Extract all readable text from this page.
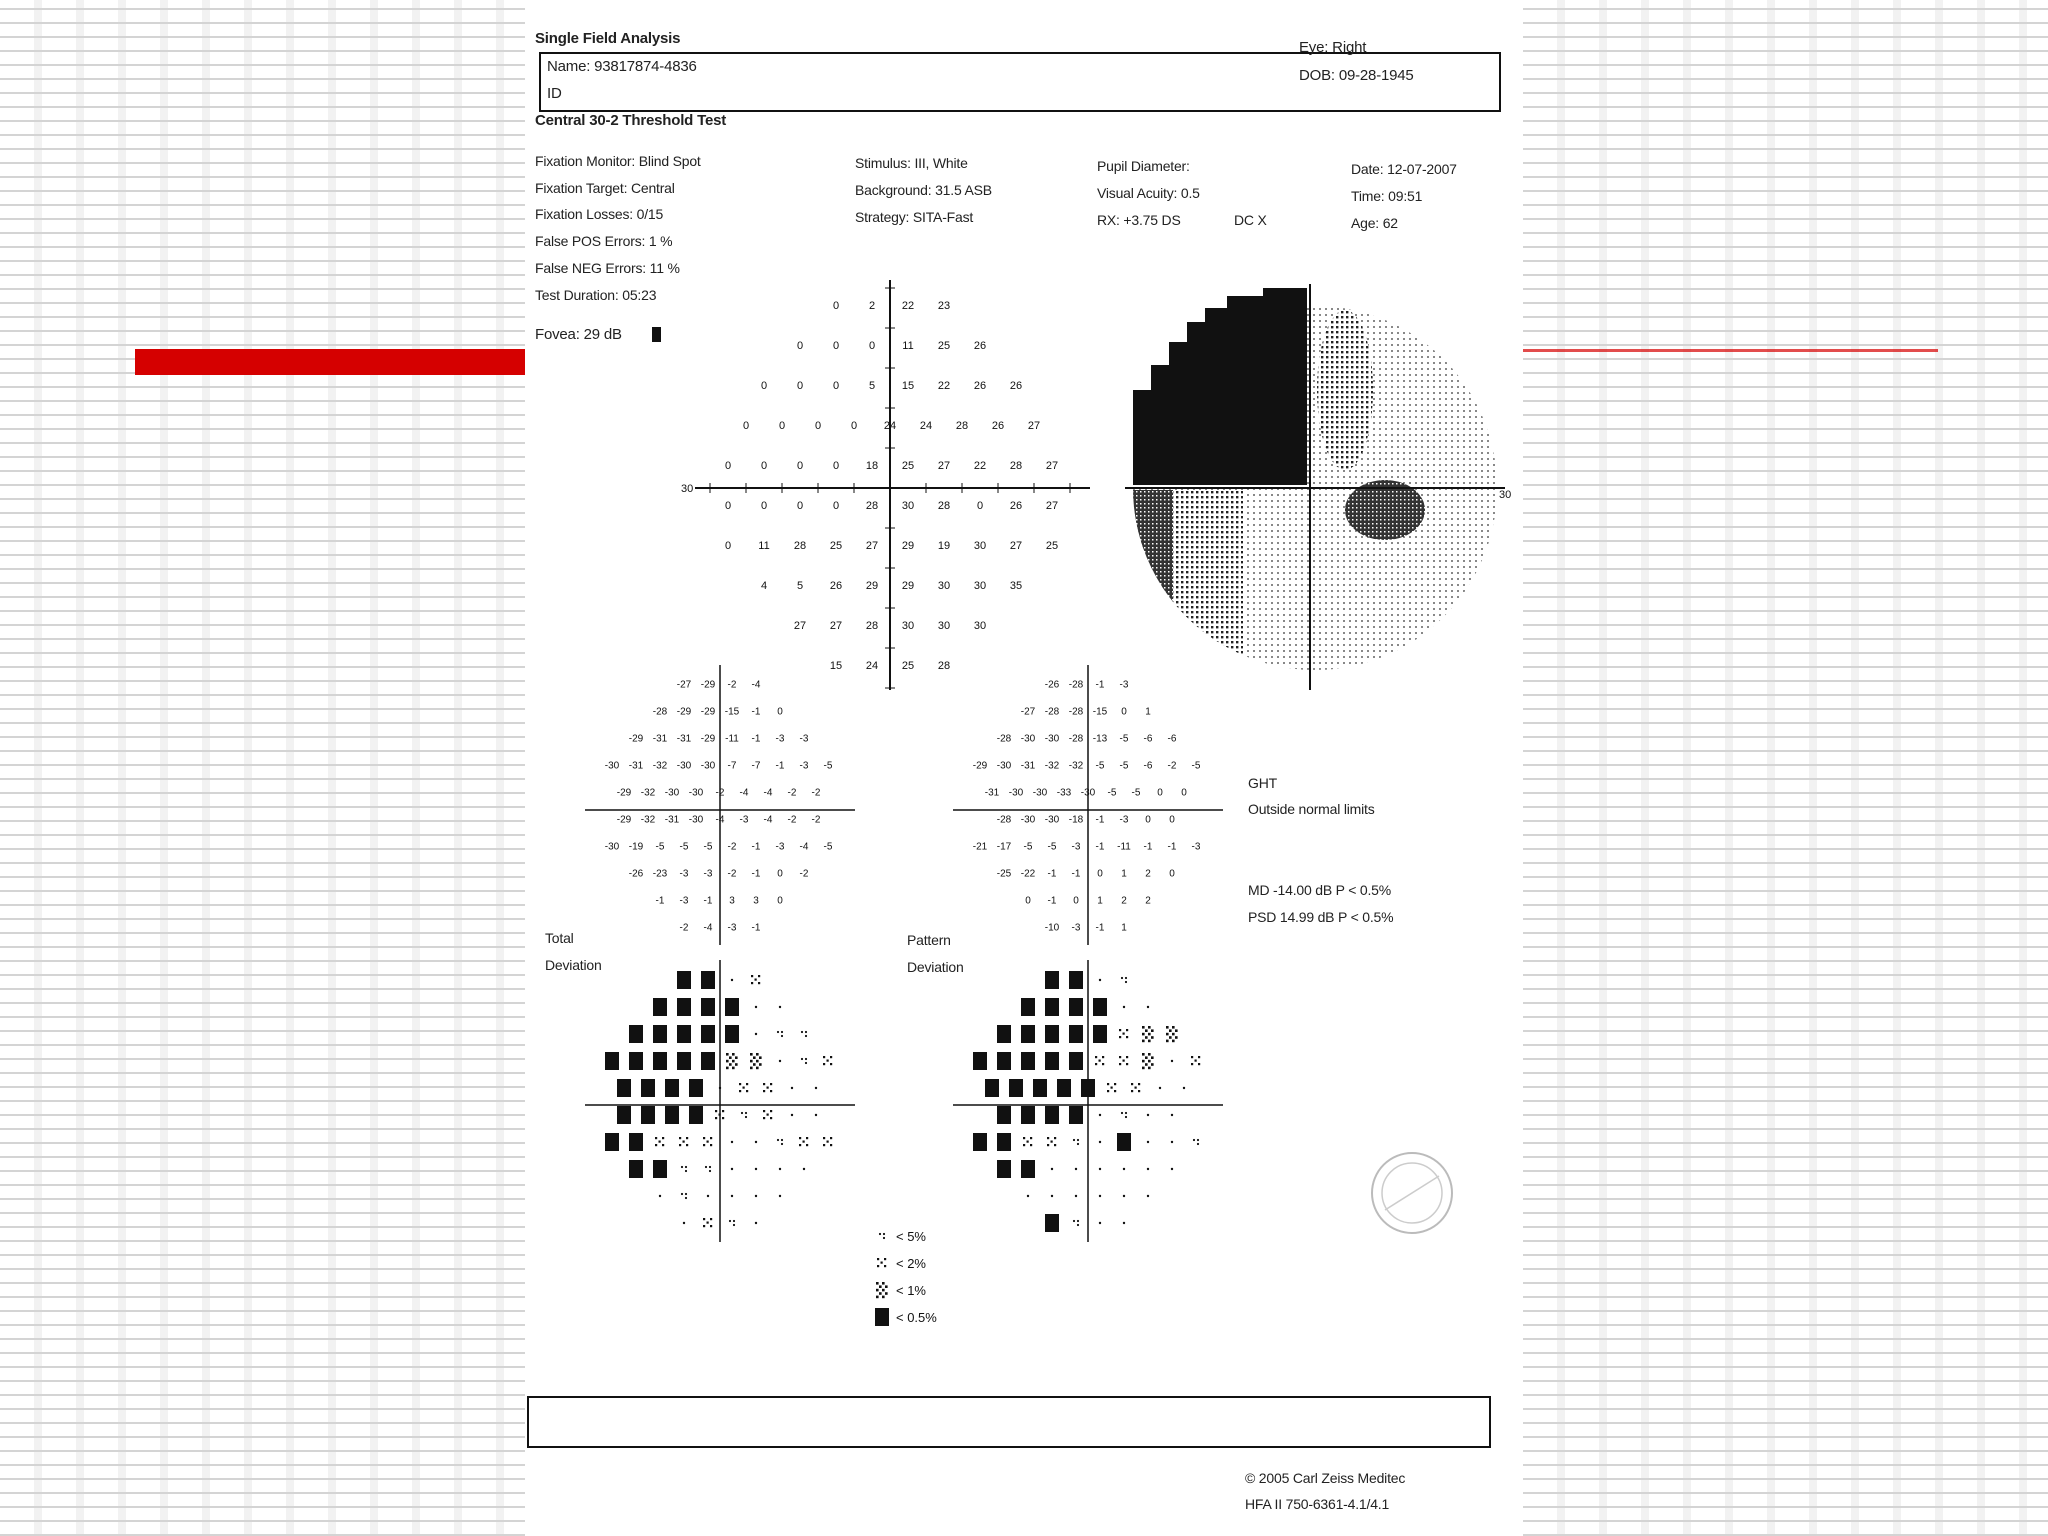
Single Field Analysis
Name: 93817874-4836
ID
Eye: Right
DOB: 09-28-1945
Central 30-2 Threshold Test
Fixation Monitor: Blind Spot
Fixation Target: Central
Fixation Losses: 0/15
False POS Errors: 1 %
False NEG Errors: 11 %
Test Duration: 05:23
Fovea: 29 dB
Stimulus: III, White
Background: 31.5 ASB
Strategy: SITA-Fast
Pupil Diameter:
Visual Acuity: 0.5
RX: +3.75 DS	DC X
Date: 12-07-2007
Time: 09:51
Age: 62
30
0	2 22 23
0	0	0 11 25 26
0	0	0	5 15 22 26 26
0	0	0	0 24 24 28 26 27
0	0	0	0 18 25 27 22 28 27
0	0	0	0 28 30 28 0 26 27
0 11 28 25 27 29 19 30 27 25
4	5 26 29 29 30 30 35
27 27 28 30 30 30
15 24 25 28
30
-27 -29 -2 -4
-28 -29 -29 -15 -1 0
-29 -31 -31 -29 -11 -1 -3 -3
-30 -31 -32 -30 -30 -7 -7 -1 -3 -5
-29 -32 -30 -30 -2 -4 -4 -2 -2
-29 -32 -31 -30 -4 -3 -4 -2 -2
-30 -19 -5 -5 -5 -2 -1 -3 -4 -5
-26 -23 -3 -3 -2 -1 0 -2
-1 -3 -1 3 3 0
-2 -4 -3 -1
-26 -28 -1 -3
-27 -28 -28 -15 0 1
-28 -30 -30 -28 -13 -5 -6 -6
-29 -30 -31 -32 -32 -5 -5 -6 -2 -5
-31 -30 -30 -33 -30 -5 -5 0 0
-28 -30 -30 -18 -1 -3 0 0
-21 -17 -5 -5 -3 -1 -11 -1 -1 -3
-25 -22 -1 -1 0 1 2 0
0 -1 0 1 2 2
-10 -3 -1 1
Total
Deviation
Pattern
Deviation
GHT
Outside normal limits
MD -14.00 dB P < 0.5%
PSD 14.99 dB P < 0.5%
< 5%
< 2%
< 1%
< 0.5%
© 2005 Carl Zeiss Meditec
HFA II 750-6361-4.1/4.1
